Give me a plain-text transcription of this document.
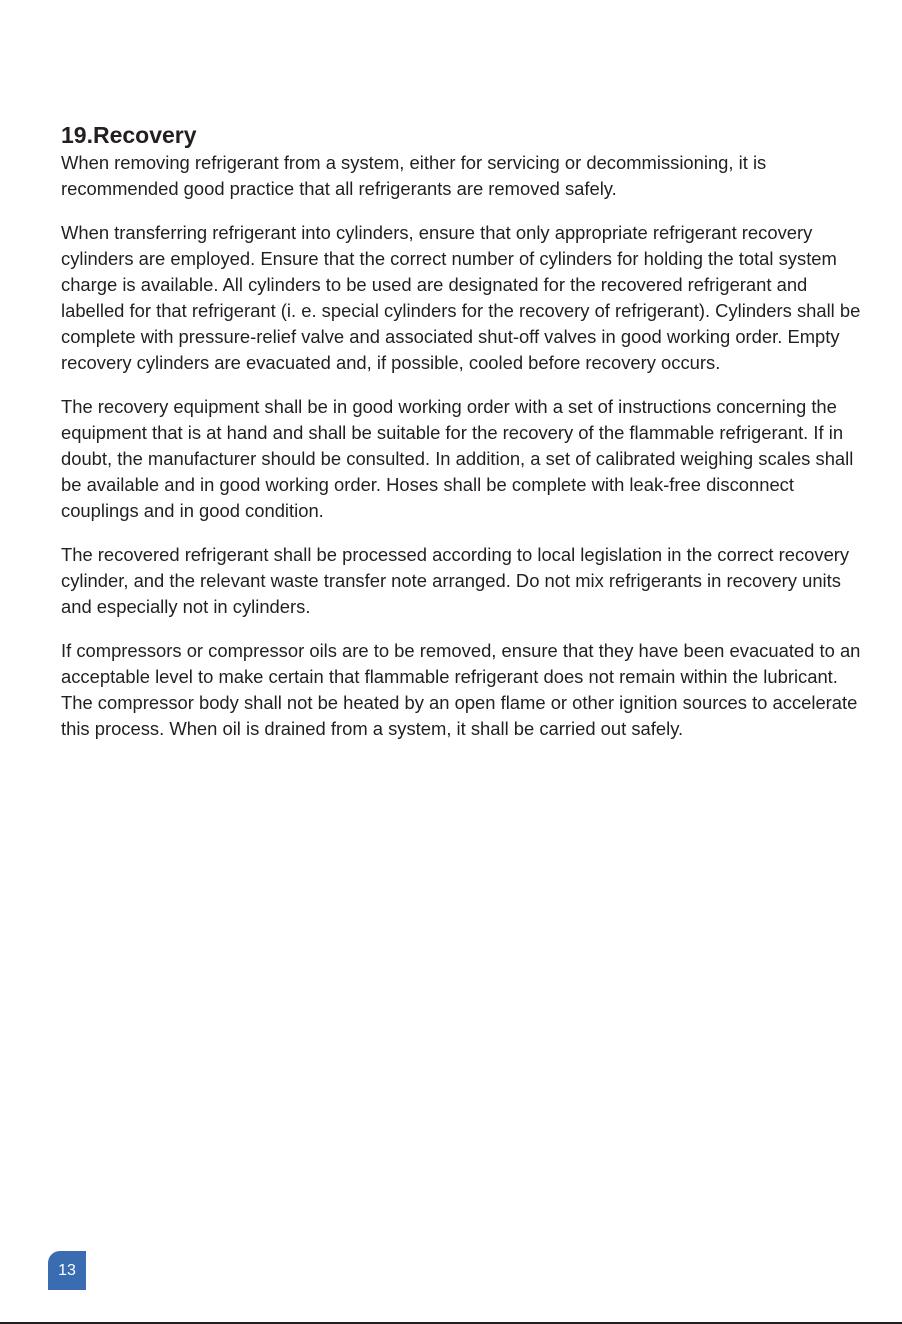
19.Recovery

When removing refrigerant from a system, either for servicing or decommissioning, it is recommended good practice that all refrigerants are removed safely.

When transferring refrigerant into cylinders, ensure that only appropriate refrigerant recovery cylinders are employed. Ensure that the correct number of cylinders for holding the total system charge is available. All cylinders to be used are designated for the recovered refrigerant and labelled for that refrigerant (i. e. special cylinders for the recovery of refrigerant). Cylinders shall be complete with pressure-relief valve and associated shut-off valves in good working order. Empty recovery cylinders are evacuated and, if possible, cooled before recovery occurs.

The recovery equipment shall be in good working order with a set of instructions concerning the equipment that is at hand and shall be suitable for the recovery of the flammable refrigerant. If in doubt, the manufacturer should be consulted. In addition, a set of calibrated weighing scales shall be available and in good working order. Hoses shall be complete with leak-free disconnect couplings and in good condition.

The recovered refrigerant shall be processed according to local legislation in the correct recovery cylinder, and the relevant waste transfer note arranged. Do not mix refrigerants in recovery units and especially not in cylinders.

If compressors or compressor oils are to be removed, ensure that they have been evacuated to an acceptable level to make certain that flammable refrigerant does not remain within the lubricant. The compressor body shall not be heated by an open flame or other ignition sources to accelerate this process. When oil is drained from a system, it shall be carried out safely.

13
